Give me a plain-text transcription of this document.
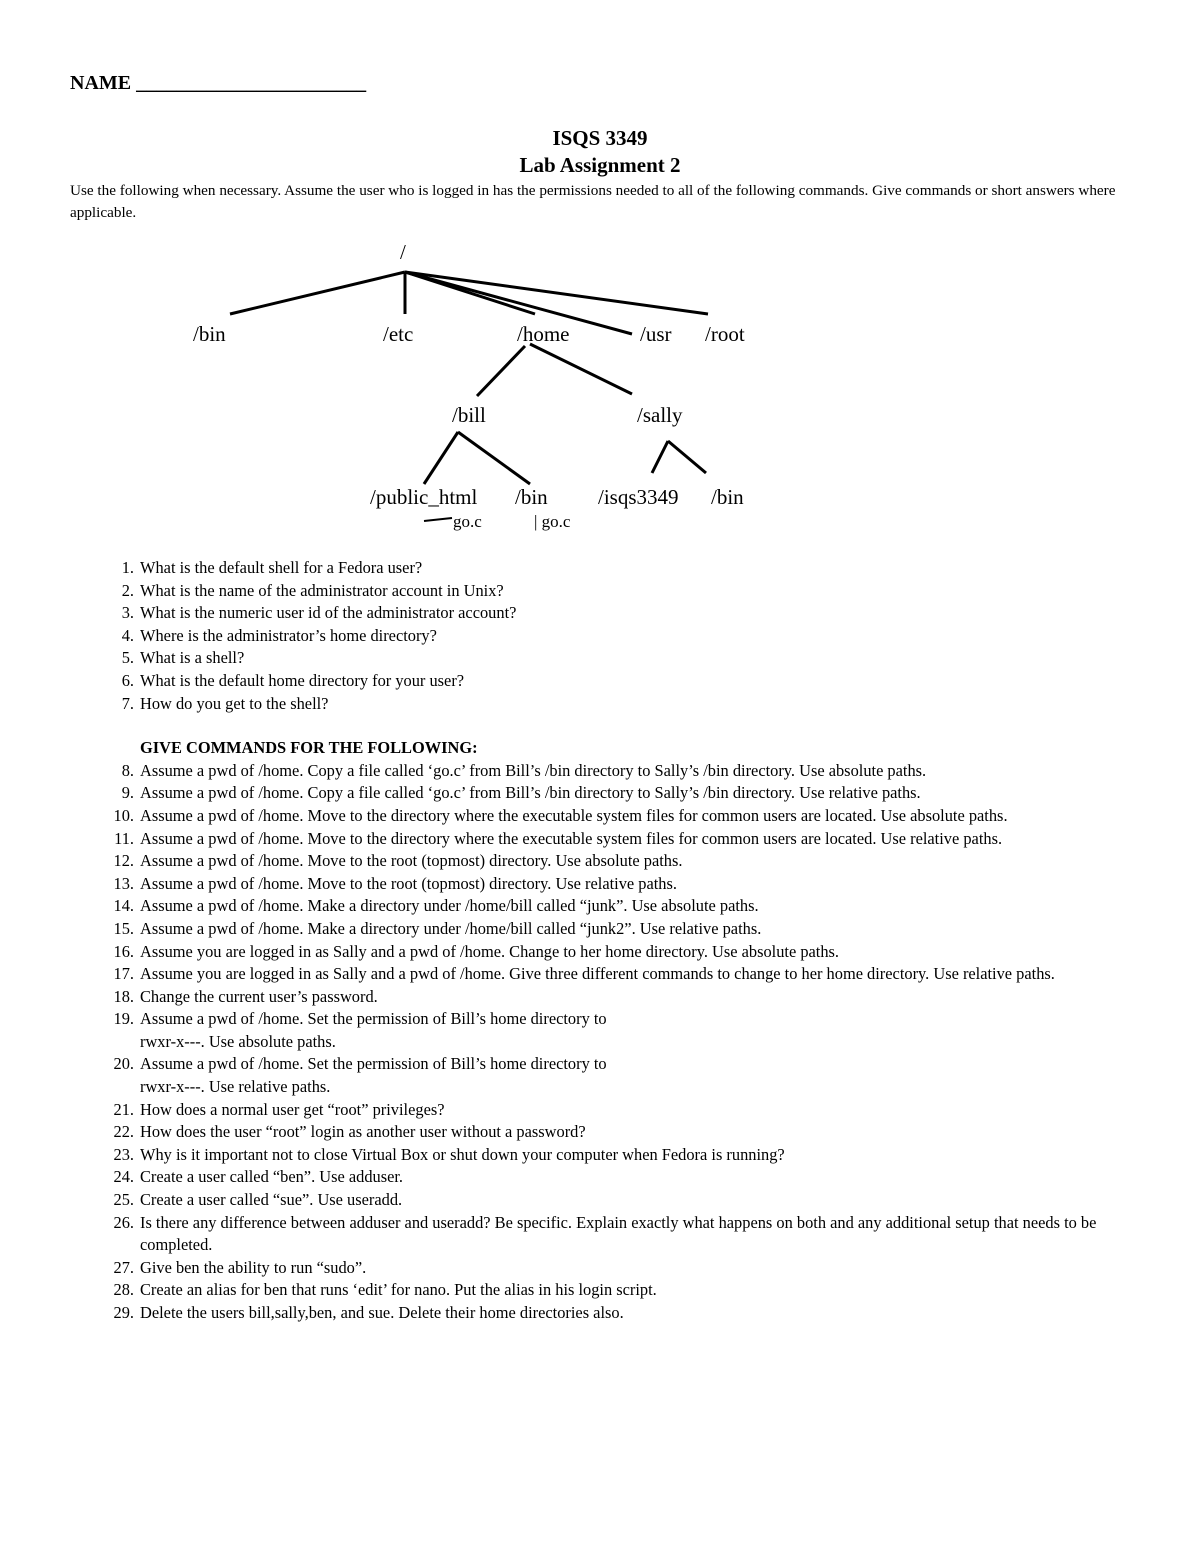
NAME _______________________
ISQS 3349
Lab Assignment 2
Use the following when necessary. Assume the user who is logged in has the permissions needed to all of the following commands. Give commands or short answers where applicable.
/
/bin	/etc	/home	/usr /root
/bill	/sally
/public_html /bin /isqs3349 /bin
go.c	| go.c
1. What is the default shell for a Fedora user?
2. What is the name of the administrator account in Unix?
3. What is the numeric user id of the administrator account?
4. Where is the administrator’s home directory?
5. What is a shell?
6. What is the default home directory for your user?
7. How do you get to the shell?
GIVE COMMANDS FOR THE FOLLOWING:
8. Assume a pwd of /home. Copy a file called ‘go.c’ from Bill’s /bin directory to Sally’s /bin directory. Use absolute paths.
9. Assume a pwd of /home. Copy a file called ‘go.c’ from Bill’s /bin directory to Sally’s /bin directory. Use relative paths.
10. Assume a pwd of /home. Move to the directory where the executable system files for common users are located. Use absolute paths.
11. Assume a pwd of /home. Move to the directory where the executable system files for common users are located. Use relative paths.
12. Assume a pwd of /home. Move to the root (topmost) directory. Use absolute paths.
13. Assume a pwd of /home. Move to the root (topmost) directory. Use relative paths.
14. Assume a pwd of /home. Make a directory under /home/bill called “junk”. Use absolute paths.
15. Assume a pwd of /home. Make a directory under /home/bill called “junk2”. Use relative paths.
16. Assume you are logged in as Sally and a pwd of /home. Change to her home directory. Use absolute paths.
17. Assume you are logged in as Sally and a pwd of /home. Give three different commands to change to her home directory. Use relative paths.
18. Change the current user’s password.
19. Assume a pwd of /home. Set the permission of Bill’s home directory to
rwxr-x---. Use absolute paths.
20. Assume a pwd of /home. Set the permission of Bill’s home directory to
rwxr-x---. Use relative paths.
21. How does a normal user get “root” privileges?
22. How does the user “root” login as another user without a password?
23. Why is it important not to close Virtual Box or shut down your computer when Fedora is running?
24. Create a user called “ben”. Use adduser.
25. Create a user called “sue”. Use useradd.
26. Is there any difference between adduser and useradd? Be specific. Explain exactly what happens on both and any additional setup that needs to be completed.
27. Give ben the ability to run “sudo”.
28. Create an alias for ben that runs ‘edit’ for nano. Put the alias in his login script.
29. Delete the users bill,sally,ben, and sue. Delete their home directories also.
